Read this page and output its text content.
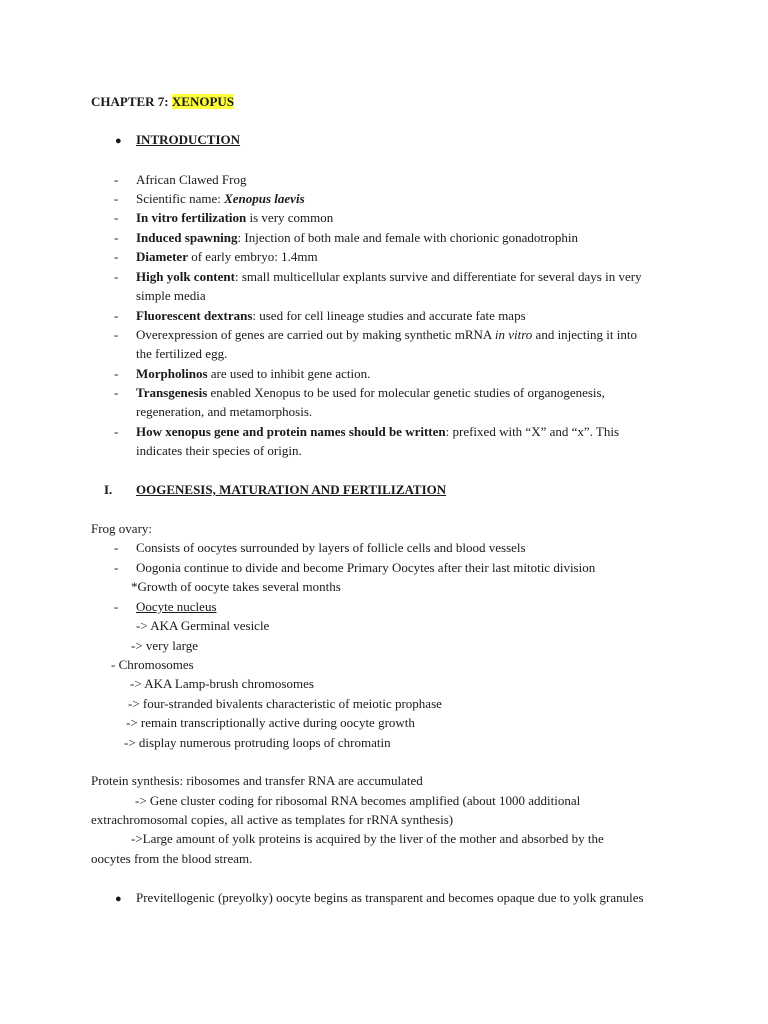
CHAPTER 7: XENOPUS
● INTRODUCTION
- African Clawed Frog
- Scientific name: Xenopus laevis
- In vitro fertilization is very common
- Induced spawning: Injection of both male and female with chorionic gonadotrophin
- Diameter of early embryo: 1.4mm
- High yolk content: small multicellular explants survive and differentiate for several days in very
simple media
- Fluorescent dextrans: used for cell lineage studies and accurate fate maps
- Overexpression of genes are carried out by making synthetic mRNA in vitro and injecting it into
the fertilized egg.
- Morpholinos are used to inhibit gene action.
- Transgenesis enabled Xenopus to be used for molecular genetic studies of organogenesis,
regeneration, and metamorphosis.
- How xenopus gene and protein names should be written: prefixed with “X” and “x”. This
indicates their species of origin.
I. OOGENESIS, MATURATION AND FERTILIZATION
Frog ovary:
- Consists of oocytes surrounded by layers of follicle cells and blood vessels
- Oogonia continue to divide and become Primary Oocytes after their last mitotic division
*Growth of oocyte takes several months
- Oocyte nucleus
-> AKA Germinal vesicle
-> very large
- Chromosomes
-> AKA Lamp-brush chromosomes
-> four-stranded bivalents characteristic of meiotic prophase
-> remain transcriptionally active during oocyte growth
-> display numerous protruding loops of chromatin
Protein synthesis: ribosomes and transfer RNA are accumulated
-> Gene cluster coding for ribosomal RNA becomes amplified (about 1000 additional
extrachromosomal copies, all active as templates for rRNA synthesis)
->Large amount of yolk proteins is acquired by the liver of the mother and absorbed by the
oocytes from the blood stream.
● Previtellogenic (preyolky) oocyte begins as transparent and becomes opaque due to yolk granules
